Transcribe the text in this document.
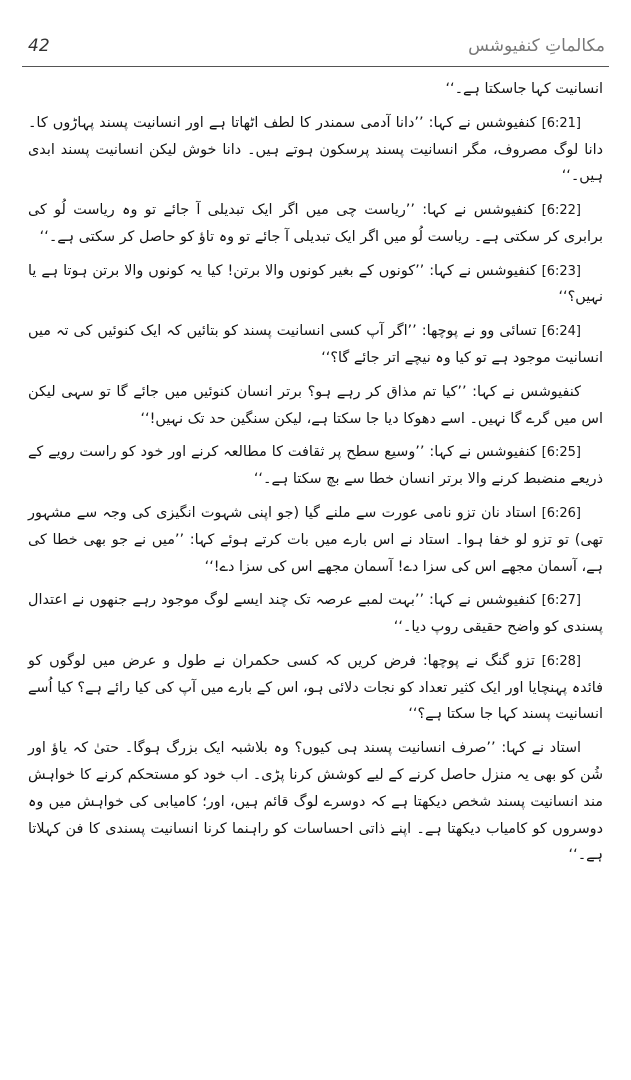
42	مکالماتِ کنفیوشس

انسانیت کہا جاسکتا ہے۔‘‘

[6:21] کنفیوشس نے کہا: ’’دانا آدمی سمندر کا لطف اٹھاتا ہے اور انسانیت پسند پہاڑوں کا۔ دانا لوگ مصروف، مگر انسانیت پسند پرسکون ہوتے ہیں۔ دانا خوش لیکن انسانیت پسند ابدی ہیں۔‘‘

[6:22] کنفیوشس نے کہا: ’’ریاست چی میں اگر ایک تبدیلی آ جائے تو وہ ریاست لُو کی برابری کر سکتی ہے۔ ریاست لُو میں اگر ایک تبدیلی آ جائے تو وہ تاؤ کو حاصل کر سکتی ہے۔‘‘

[6:23] کنفیوشس نے کہا: ’’کونوں کے بغیر کونوں والا برتن! کیا یہ کونوں والا برتن ہوتا ہے یا نہیں؟‘‘

[6:24] تسائی وو نے پوچھا: ’’اگر آپ کسی انسانیت پسند کو بتائیں کہ ایک کنوئیں کی تہ میں انسانیت موجود ہے تو کیا وہ نیچے اتر جائے گا؟‘‘

کنفیوشس نے کہا: ’’کیا تم مذاق کر رہے ہو؟ برتر انسان کنوئیں میں جائے گا تو سہی لیکن اس میں گرے گا نہیں۔ اسے دھوکا دیا جا سکتا ہے، لیکن سنگین حد تک نہیں!‘‘

[6:25] کنفیوشس نے کہا: ’’وسیع سطح پر ثقافت کا مطالعہ کرنے اور خود کو راست رویے کے ذریعے منضبط کرنے والا برتر انسان خطا سے بچ سکتا ہے۔‘‘

[6:26] استاد نان تزو نامی عورت سے ملنے گیا (جو اپنی شہوت انگیزی کی وجہ سے مشہور تھی) تو تزو لو خفا ہوا۔ استاد نے اس بارے میں بات کرتے ہوئے کہا: ’’میں نے جو بھی خطا کی ہے، آسمان مجھے اس کی سزا دے! آسمان مجھے اس کی سزا دے!‘‘

[6:27] کنفیوشس نے کہا: ’’بہت لمبے عرصہ تک چند ایسے لوگ موجود رہے جنھوں نے اعتدال پسندی کو واضح حقیقی روپ دیا۔‘‘

[6:28] تزو گنگ نے پوچھا: فرض کریں کہ کسی حکمران نے طول و عرض میں لوگوں کو فائدہ پہنچایا اور ایک کثیر تعداد کو نجات دلائی ہو، اس کے بارے میں آپ کی کیا رائے ہے؟ کیا اُسے انسانیت پسند کہا جا سکتا ہے؟‘‘

استاد نے کہا: ’’صرف انسانیت پسند ہی کیوں؟ وہ بلاشبہ ایک بزرگ ہوگا۔ حتیٰ کہ یاؤ اور شُن کو بھی یہ منزل حاصل کرنے کے لیے کوشش کرنا پڑی۔ اب خود کو مستحکم کرنے کا خواہش مند انسانیت پسند شخص دیکھتا ہے کہ دوسرے لوگ قائم ہیں، اور؛ کامیابی کی خواہش میں وہ دوسروں کو کامیاب دیکھتا ہے۔ اپنے ذاتی احساسات کو راہنما کرنا انسانیت پسندی کا فن کہلاتا ہے۔‘‘
